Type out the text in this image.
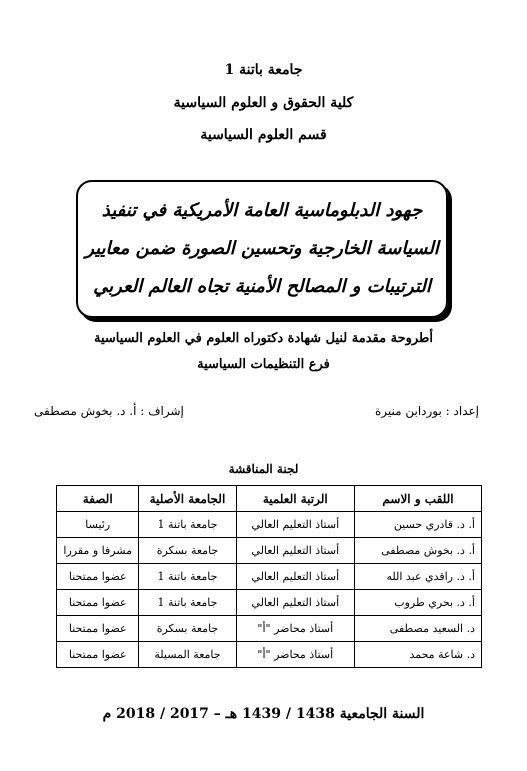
جامعة باتنة 1
كلية الحقوق و العلوم السياسية
قسم العلوم السياسية
جهود الدبلوماسية العامة الأمريكية في تنفيذ
السياسة الخارجية وتحسين الصورة ضمن معايير
الترتيبات و المصالح الأمنية تجاه العالم العربي
أطروحة مقدمة لنيل شهادة دكتوراه العلوم في العلوم السياسية
فرع التنظيمات السياسية
إعداد : بوردابن منيرة
إشراف : أ. د. بخوش مصطفى
لجنة المناقشة
اللقب و الاسم	الرتبة العلمية	الجامعة الأصلية	الصفة
أ. د. قادري حسين	أستاذ التعليم العالي	جامعة باتنة 1	رئيسا
أ. د. بخوش مصطفى	أستاذ التعليم العالي	جامعة بسكرة	مشرفا و مقررا
أ. د. راقدي عبد الله	أستاذ التعليم العالي	جامعة باتنة 1	عضوا ممتحنا
أ. د. بحري طروب	أستاذ التعليم العالي	جامعة باتنة 1	عضوا ممتحنا
د. السعيد مصطفى	أستاذ محاضر "أ"	جامعة بسكرة	عضوا ممتحنا
د. شاعة محمد	أستاذ محاضر "أ"	جامعة المسيلة	عضوا ممتحنا
السنة الجامعية 1438 / 1439 هـ – 2017 / 2018 م
